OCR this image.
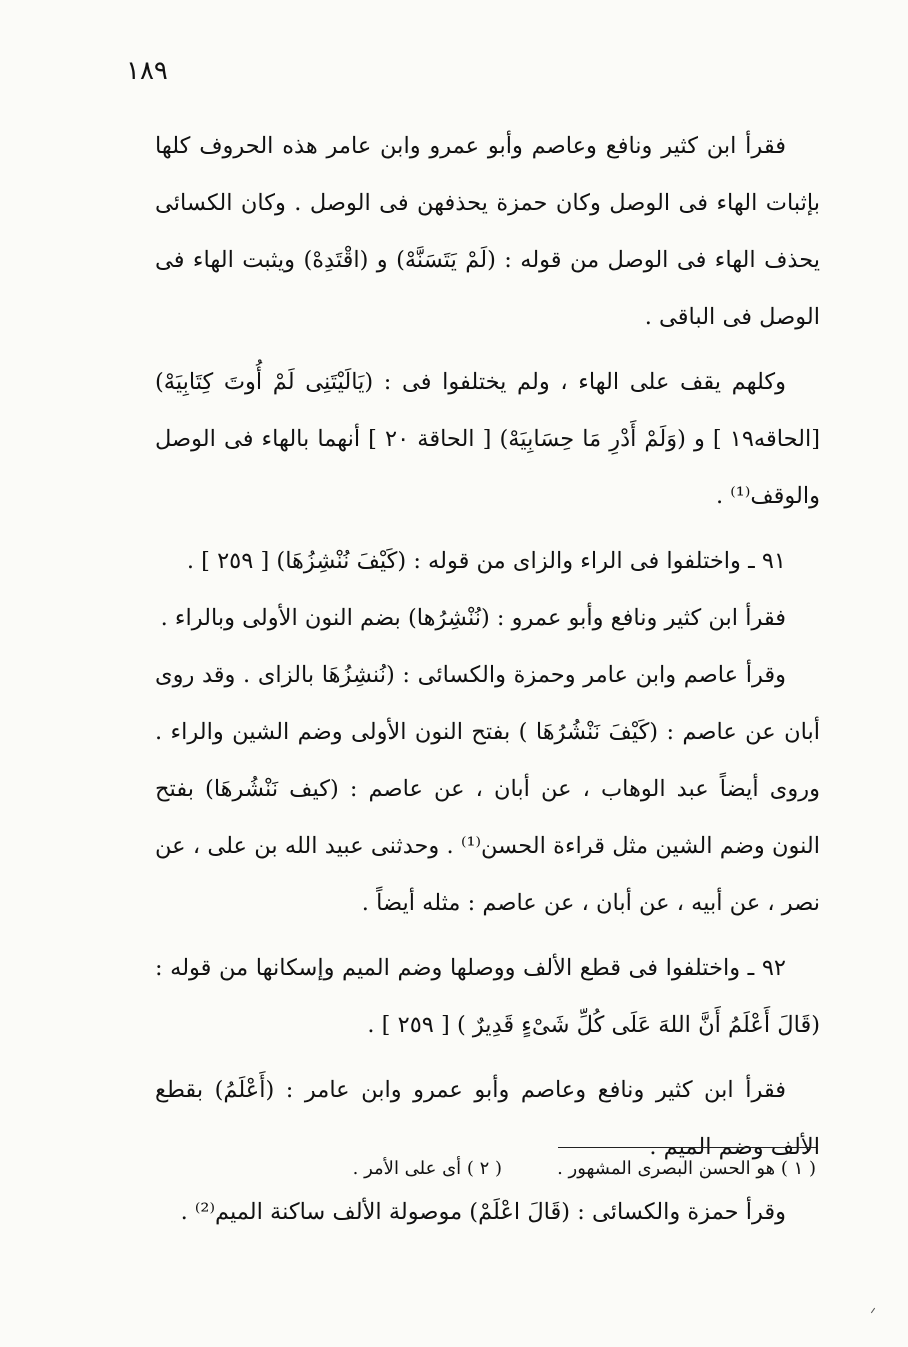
١٨٩

فقرأ ابن كثير ونافع وعاصم وأبو عمرو وابن عامر هذه الحروف كلها بإثبات الهاء فى الوصل وكان حمزة يحذفهن فى الوصل . وكان الكسائى يحذف الهاء فى الوصل من قوله : (لَمْ يَتَسَنَّهْ) و (اقْتَدِهْ) ويثبت الهاء فى الوصل فى الباقى .

وكلهم يقف على الهاء ، ولم يختلفوا فى : (يَالَيْتَنِى لَمْ أُوتَ كِتَابِيَهْ) [الحاقه١٩ ] و (وَلَمْ أَدْرِ مَا حِسَابِيَهْ) [ الحاقة ٢٠ ] أنهما بالهاء فى الوصل والوقف⁽¹⁾ .

٩١ ـ واختلفوا فى الراء والزاى من قوله : (كَيْفَ نُنْشِزُهَا) [ ٢٥٩ ] .

فقرأ ابن كثير ونافع وأبو عمرو : (نُنْشِرُها) بضم النون الأولى وبالراء .

وقرأ عاصم وابن عامر وحمزة والكسائى : (نُنشِزُهَا بالزاى . وقد روى أبان عن عاصم : (كَيْفَ نَنْشُرُهَا ) بفتح النون الأولى وضم الشين والراء . وروى أيضاً عبد الوهاب ، عن أبان ، عن عاصم : (كيف نَنْشُرهَا) بفتح النون وضم الشين مثل قراءة الحسن⁽¹⁾ . وحدثنى عبيد الله بن على ، عن نصر ، عن أبيه ، عن أبان ، عن عاصم : مثله أيضاً .

٩٢ ـ واختلفوا فى قطع الألف ووصلها وضم الميم وإسكانها من قوله : (قَالَ أَعْلَمُ أَنَّ اللهَ عَلَى كُلِّ شَىْءٍ قَدِيرٌ ) [ ٢٥٩ ] .

فقرأ ابن كثير ونافع وعاصم وأبو عمرو وابن عامر : (أَعْلَمُ) بقطع الألف وضم الميم .

وقرأ حمزة والكسائى : (قَالَ اعْلَمْ) موصولة الألف ساكنة الميم⁽²⁾ .

( ١ ) هو الحسن البصرى المشهور .
( ٢ ) أى على الأمر .
